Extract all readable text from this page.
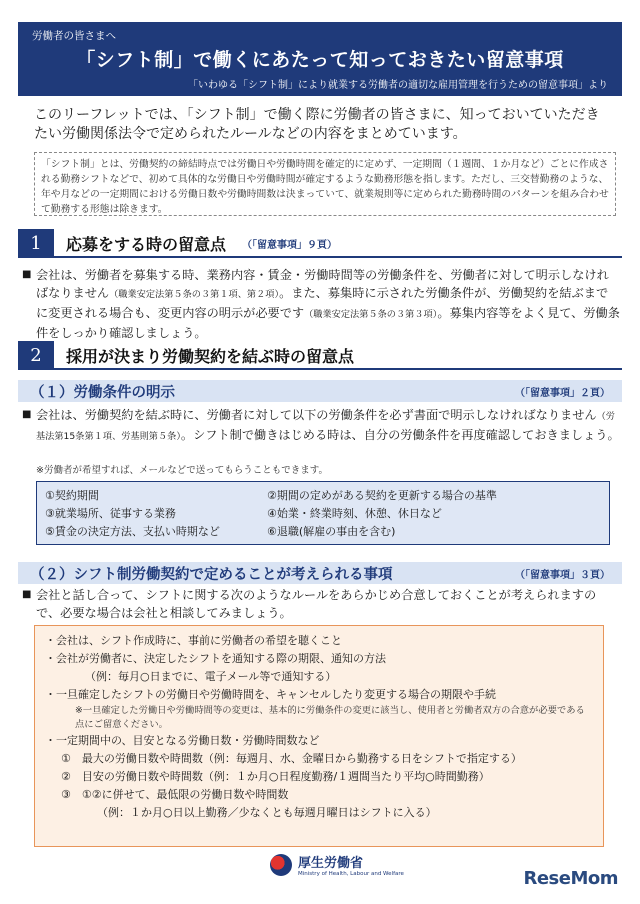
労働者の皆さまへ
「シフト制」で働くにあたって知っておきたい留意事項
「いわゆる「シフト制」により就業する労働者の適切な雇用管理を行うための留意事項」より
このリーフレットでは、「シフト制」で働く際に労働者の皆さまに、知っておいていただきたい労働関係法令で定められたルールなどの内容をまとめています。
「シフト制」とは、労働契約の締結時点では労働日や労働時間を確定的に定めず、一定期間（１週間、１か月など）ごとに作成される勤務シフトなどで、初めて具体的な労働日や労働時間が確定するような勤務形態を指します。ただし、三交替勤務のような、年や月などの一定期間における労働日数や労働時間数は決まっていて、就業規則等に定められた勤務時間のパターンを組み合わせて勤務する形態は除きます。
1	応募をする時の留意点 （「留意事項」９頁）
■ 会社は、労働者を募集する時、業務内容・賃金・労働時間等の労働条件を、労働者に対して明示しなければなりません（職業安定法第５条の３第１項、第２項）。また、募集時に示された労働条件が、労働契約を結ぶまでに変更される場合も、変更内容の明示が必要です（職業安定法第５条の３第３項）。募集内容等をよく見て、労働条件をしっかり確認しましょう。
2	採用が決まり労働契約を結ぶ時の留意点
（１）労働条件の明示	（「留意事項」２頁）
■ 会社は、労働契約を結ぶ時に、労働者に対して以下の労働条件を必ず書面で明示しなければなりません（労基法第15条第１項、労基則第５条）。シフト制で働きはじめる時は、自分の労働条件を再度確認しておきましょう。
※労働者が希望すれば、メールなどで送ってもらうこともできます。
①契約期間	②期間の定めがある契約を更新する場合の基準
③就業場所、従事する業務	④始業・終業時刻、休憩、休日など
⑤賃金の決定方法、支払い時期など	⑥退職(解雇の事由を含む)
（２）シフト制労働契約で定めることが考えられる事項	（「留意事項」３頁）
■ 会社と話し合って、シフトに関する次のようなルールをあらかじめ合意しておくことが考えられますので、必要な場合は会社と相談してみましょう。
・会社は、シフト作成時に、事前に労働者の希望を聴くこと
・会社が労働者に、決定したシフトを通知する際の期限、通知の方法
（例：毎月○日までに、電子メール等で通知する）
・一旦確定したシフトの労働日や労働時間を、キャンセルしたり変更する場合の期限や手続
※一旦確定した労働日や労働時間等の変更は、基本的に労働条件の変更に該当し、使用者と労働者双方の合意が必要である点にご留意ください。
・一定期間中の、目安となる労働日数・労働時間数など
①　最大の労働日数や時間数（例：毎週月、水、金曜日から勤務する日をシフトで指定する）
②　目安の労働日数や時間数（例：１か月○日程度勤務/１週間当たり平均○時間勤務）
③　①②に併せて、最低限の労働日数や時間数
（例：１か月○日以上勤務／少なくとも毎週月曜日はシフトに入る）
厚生労働省
Ministry of Health, Labour and Welfare	ReseMom
